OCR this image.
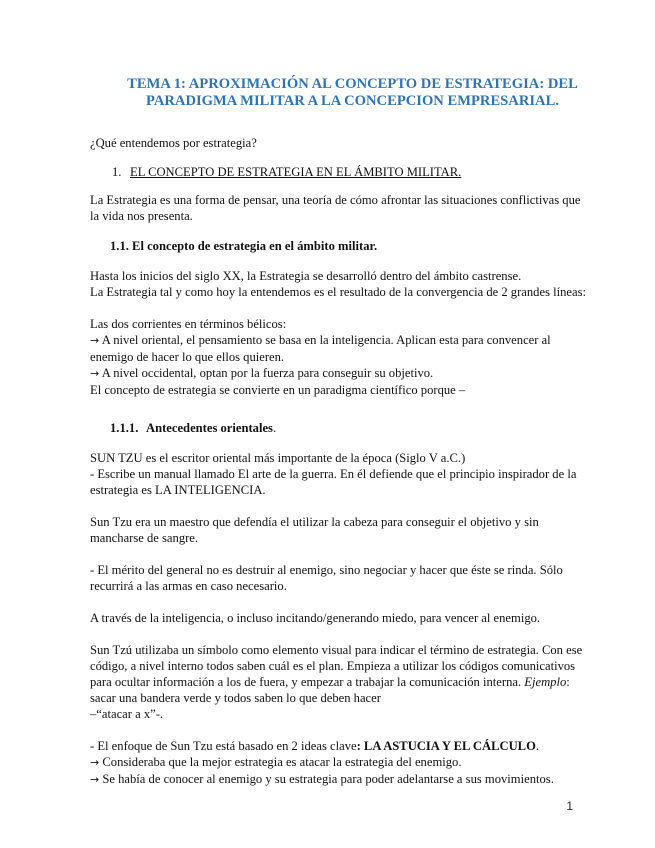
TEMA 1: APROXIMACIÓN AL CONCEPTO DE ESTRATEGIA: DEL PARADIGMA MILITAR A LA CONCEPCION EMPRESARIAL.

¿Qué entendemos por estrategia?

1. EL CONCEPTO DE ESTRATEGIA EN EL ÁMBITO MILITAR.

La Estrategia es una forma de pensar, una teoría de cómo afrontar las situaciones conflictivas que la vida nos presenta.

1.1. El concepto de estrategia en el ámbito militar.

Hasta los inicios del siglo XX, la Estrategia se desarrolló dentro del ámbito castrense.

La Estrategia tal y como hoy la entendemos es el resultado de la convergencia de 2 grandes líneas:

Las dos corrientes en términos bélicos:

→ A nivel oriental, el pensamiento se basa en la inteligencia. Aplican esta para convencer al enemigo de hacer lo que ellos quieren.

→ A nivel occidental, optan por la fuerza para conseguir su objetivo.

El concepto de estrategia se convierte en un paradigma científico porque –

1.1.1. Antecedentes orientales.

SUN TZU es el escritor oriental más importante de la época (Siglo V a.C.)

- Escribe un manual llamado El arte de la guerra. En él defiende que el principio inspirador de la estrategia es LA INTELIGENCIA.

Sun Tzu era un maestro que defendía el utilizar la cabeza para conseguir el objetivo y sin mancharse de sangre.

- El mérito del general no es destruir al enemigo, sino negociar y hacer que éste se rinda. Sólo recurrirá a las armas en caso necesario.

A través de la inteligencia, o incluso incitando/generando miedo, para vencer al enemigo.

Sun Tzú utilizaba un símbolo como elemento visual para indicar el término de estrategia. Con ese código, a nivel interno todos saben cuál es el plan. Empieza a utilizar los códigos comunicativos para ocultar información a los de fuera, y empezar a trabajar la comunicación interna. Ejemplo: sacar una bandera verde y todos saben lo que deben hacer

–“atacar a x”-.

- El enfoque de Sun Tzu está basado en 2 ideas clave: LA ASTUCIA Y EL CÁLCULO.

→ Consideraba que la mejor estrategia es atacar la estrategia del enemigo.

→ Se había de conocer al enemigo y su estrategia para poder adelantarse a sus movimientos.

1
